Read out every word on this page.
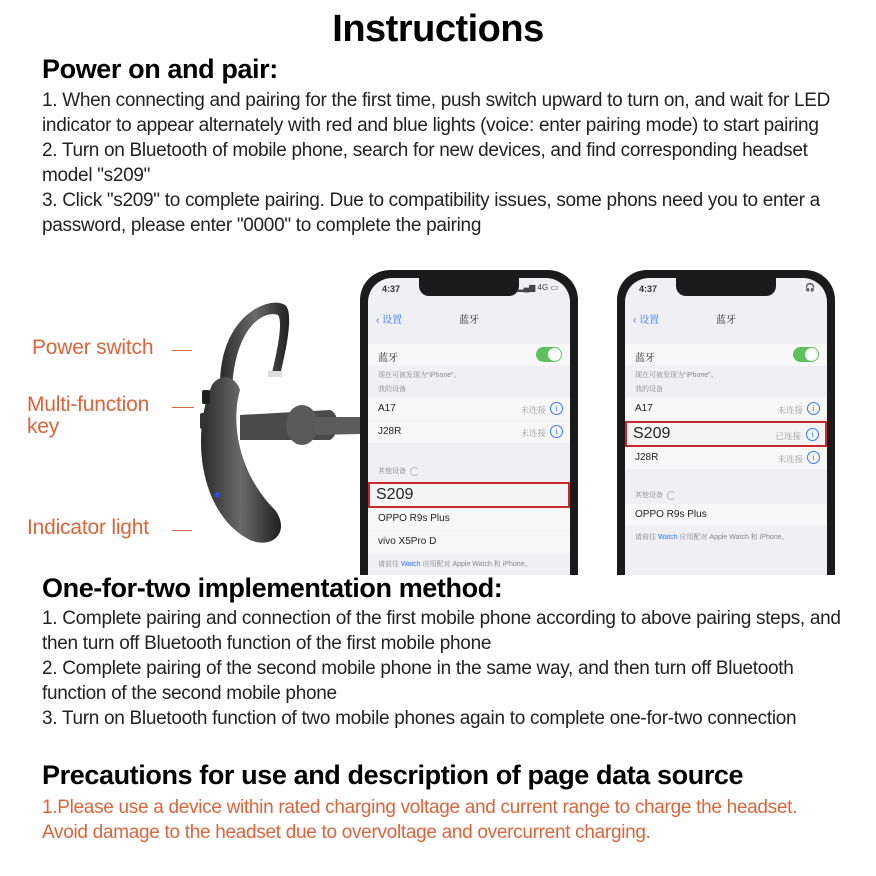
Instructions
Power on and pair:

1. When connecting and pairing for the first time, push switch upward to turn on, and wait for LED indicator to appear alternately with red and blue lights (voice: enter pairing mode) to start pairing

2. Turn on Bluetooth of mobile phone, search for new devices, and find corresponding headset model "s209"

3. Click "s209" to complete pairing. Due to compatibility issues, some phons need you to enter a password, please enter "0000" to complete the pairing

Power switch
Multi-function
key
Indicator light
4:37	▂▄▆ 4G ▭
‹ 设置	蓝牙
蓝牙
现在可被发现为“iPhone”。
我的设备
A17	未连接	i
J28R	未连接	i
其他设备
S209
OPPO R9s Plus
vivo X5Pro D
请前往 Watch 应用配对 Apple Watch 和 iPhone。
4:37	🎧
‹ 设置	蓝牙
蓝牙
现在可被发现为“iPhone”。
我的设备
A17	未连接	i
S209	已连接	i
J28R	未连接	i
其他设备
OPPO R9s Plus
请前往 Watch 应用配对 Apple Watch 和 iPhone。
One-for-two implementation method:

1. Complete pairing and connection of the first mobile phone according to above pairing steps, and then turn off Bluetooth function of the first mobile phone

2. Complete pairing of the second mobile phone in the same way, and then turn off Bluetooth function of the second mobile phone

3. Turn on Bluetooth function of two mobile phones again to complete one-for-two connection

Precautions for use and description of page data source

1.Please use a device within rated charging voltage and current range to charge the headset. Avoid damage to the headset due to overvoltage and overcurrent charging.
